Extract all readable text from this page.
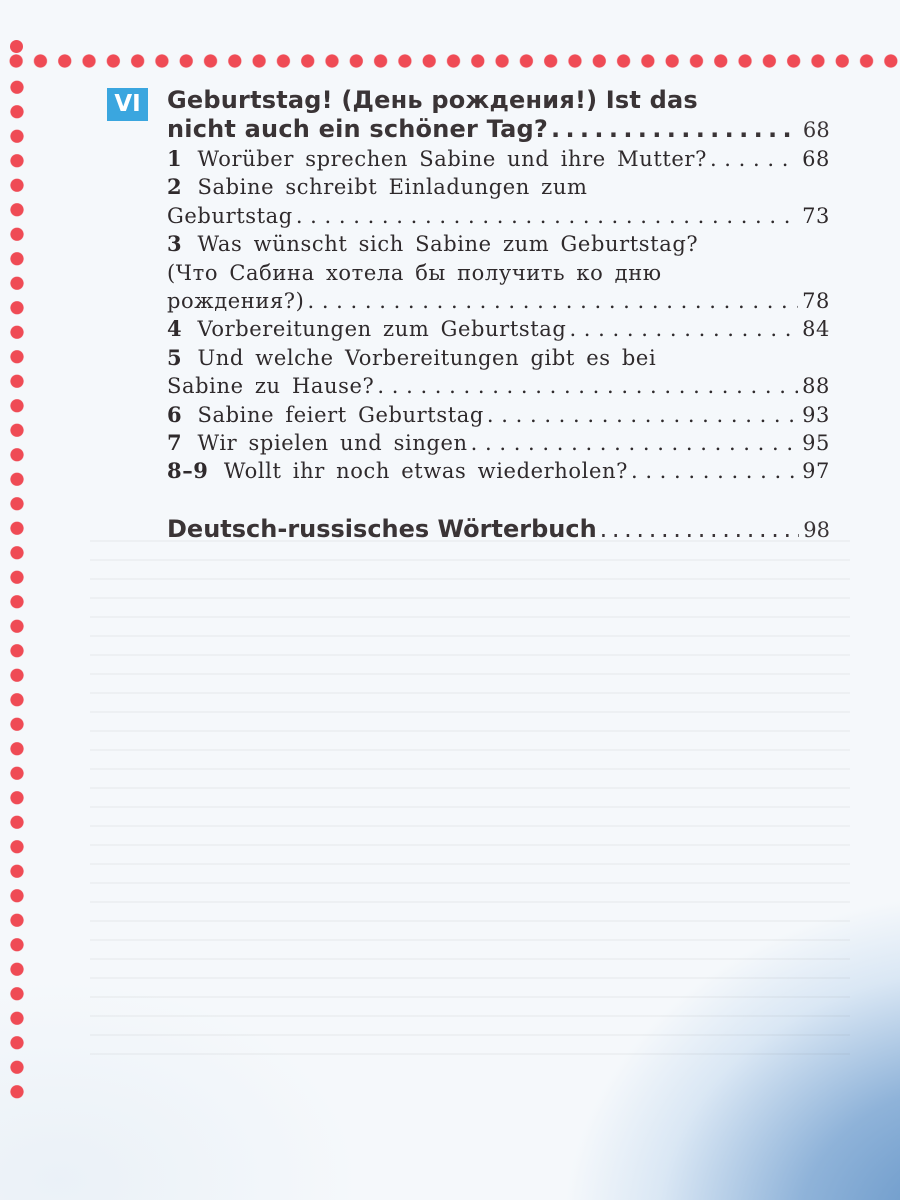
VI	Geburtstag! (День рождения!) Ist das
nicht auch ein schöner Tag? . . .	68
1 Worüber sprechen Sabine und ihre Mutter? . . .	68
2 Sabine schreibt Einladungen zum
Geburtstag . . .	73
3 Was wünscht sich Sabine zum Geburtstag?
(Что Сабина хотела бы получить ко дню
рождения?) . . .	78
4 Vorbereitungen zum Geburtstag . . .	84
5 Und welche Vorbereitungen gibt es bei
Sabine zu Hause? . . .	88
6 Sabine feiert Geburtstag . . .	93
7 Wir spielen und singen . . .	95
8–9 Wollt ihr noch etwas wiederholen? . . .	97
Deutsch-russisches Wörterbuch . . .	98
